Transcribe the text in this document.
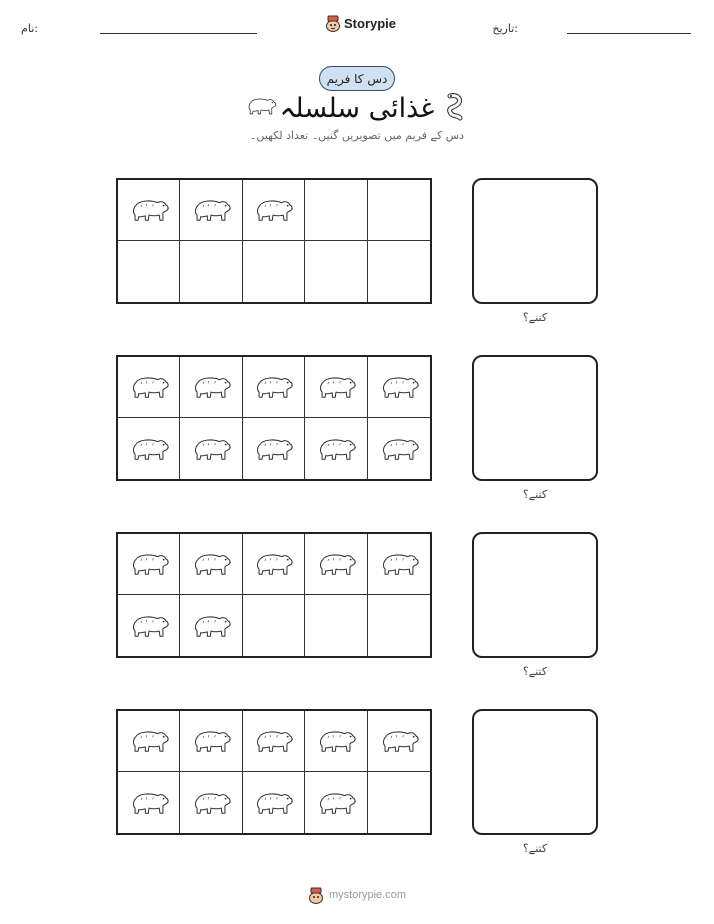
نام:	Storypie	تاریخ:
دس کا فریم
غذائی سلسلہ
دس کے فریم میں تصویریں گنیں۔ تعداد لکھیں۔
کتنے؟
کتنے؟
کتنے؟
کتنے؟
mystorypie.com
